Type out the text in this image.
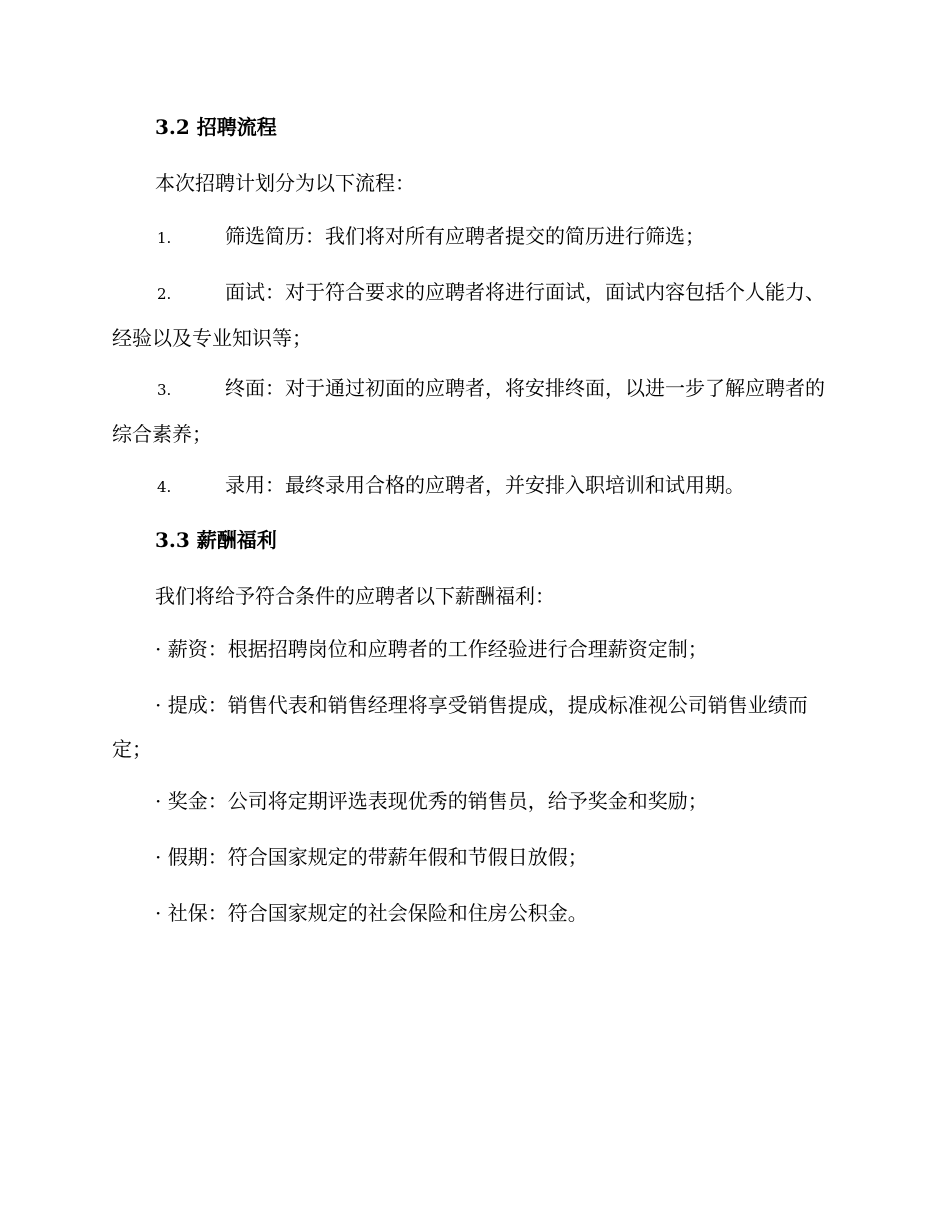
3.2 招聘流程
本次招聘计划分为以下流程：
1.	筛选简历：我们将对所有应聘者提交的简历进行筛选；
2.	面试：对于符合要求的应聘者将进行面试，面试内容包括个人能力、经验以及专业知识等；
3.	终面：对于通过初面的应聘者，将安排终面，以进一步了解应聘者的综合素养；
4.	录用：最终录用合格的应聘者，并安排入职培训和试用期。
3.3 薪酬福利
我们将给予符合条件的应聘者以下薪酬福利：
· 薪资：根据招聘岗位和应聘者的工作经验进行合理薪资定制；
· 提成：销售代表和销售经理将享受销售提成，提成标准视公司销售业绩而定；
· 奖金：公司将定期评选表现优秀的销售员，给予奖金和奖励；
· 假期：符合国家规定的带薪年假和节假日放假；
· 社保：符合国家规定的社会保险和住房公积金。
